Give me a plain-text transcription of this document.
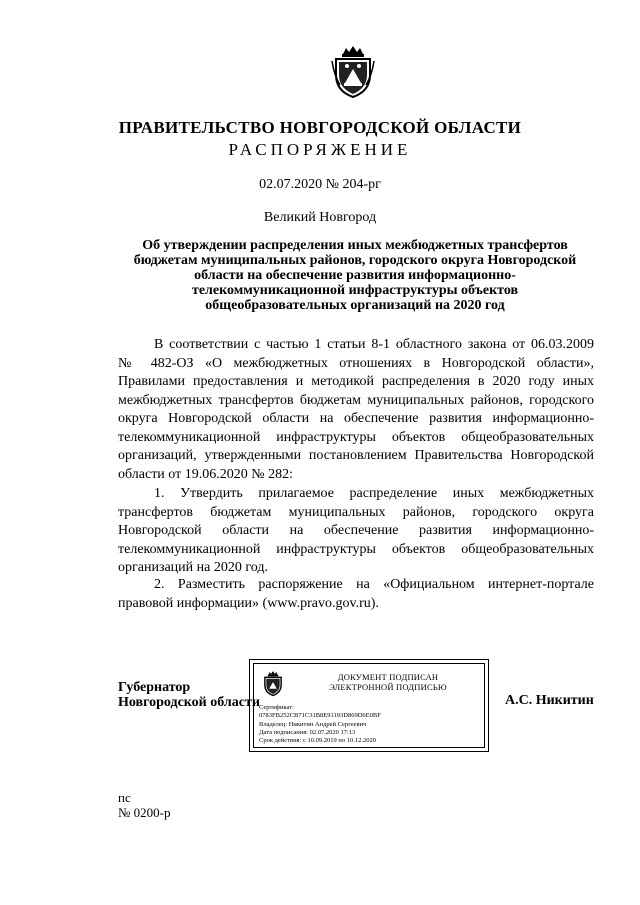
ПРАВИТЕЛЬСТВО НОВГОРОДСКОЙ ОБЛАСТИ
РАСПОРЯЖЕНИЕ
02.07.2020 № 204-рг
Великий Новгород
Об утверждении распределения иных межбюджетных трансфертов
бюджетам муниципальных районов, городского округа Новгородской
области на обеспечение развития информационно-
телекоммуникационной инфраструктуры объектов
общеобразовательных организаций на 2020 год
В соответствии с частью 1 статьи 8-1 областного закона от 06.03.2009
№ 482-ОЗ «О межбюджетных отношениях в Новгородской области»,
Правилами предоставления и методикой распределения в 2020 году иных
межбюджетных трансфертов бюджетам муниципальных районов, городского
округа Новгородской области на обеспечение развития информационно-
телекоммуникационной инфраструктуры объектов общеобразовательных
организаций, утвержденными постановлением Правительства Новгородской
области от 19.06.2020 № 282:
1. Утвердить прилагаемое распределение иных межбюджетных
трансфертов бюджетам муниципальных районов, городского округа
Новгородской области на обеспечение развития информационно-
телекоммуникационной инфраструктуры объектов общеобразовательных
организаций на 2020 год.
2. Разместить распоряжение на «Официальном интернет-портале
правовой информации» (www.pravo.gov.ru).
Губернатор
Новгородской области
ДОКУМЕНТ ПОДПИСАН
ЭЛЕКТРОННОЙ ПОДПИСЬЮ
Сертификат:
0783FB252CB71C31B8E91193D869D6E0BF
Владелец: Никитин Андрей Сергеевич
Дата подписания: 02.07.2020 17:13
Срок действия: с 10.09.2019 по 10.12.2020
А.С. Никитин
пс
№ 0200-р
